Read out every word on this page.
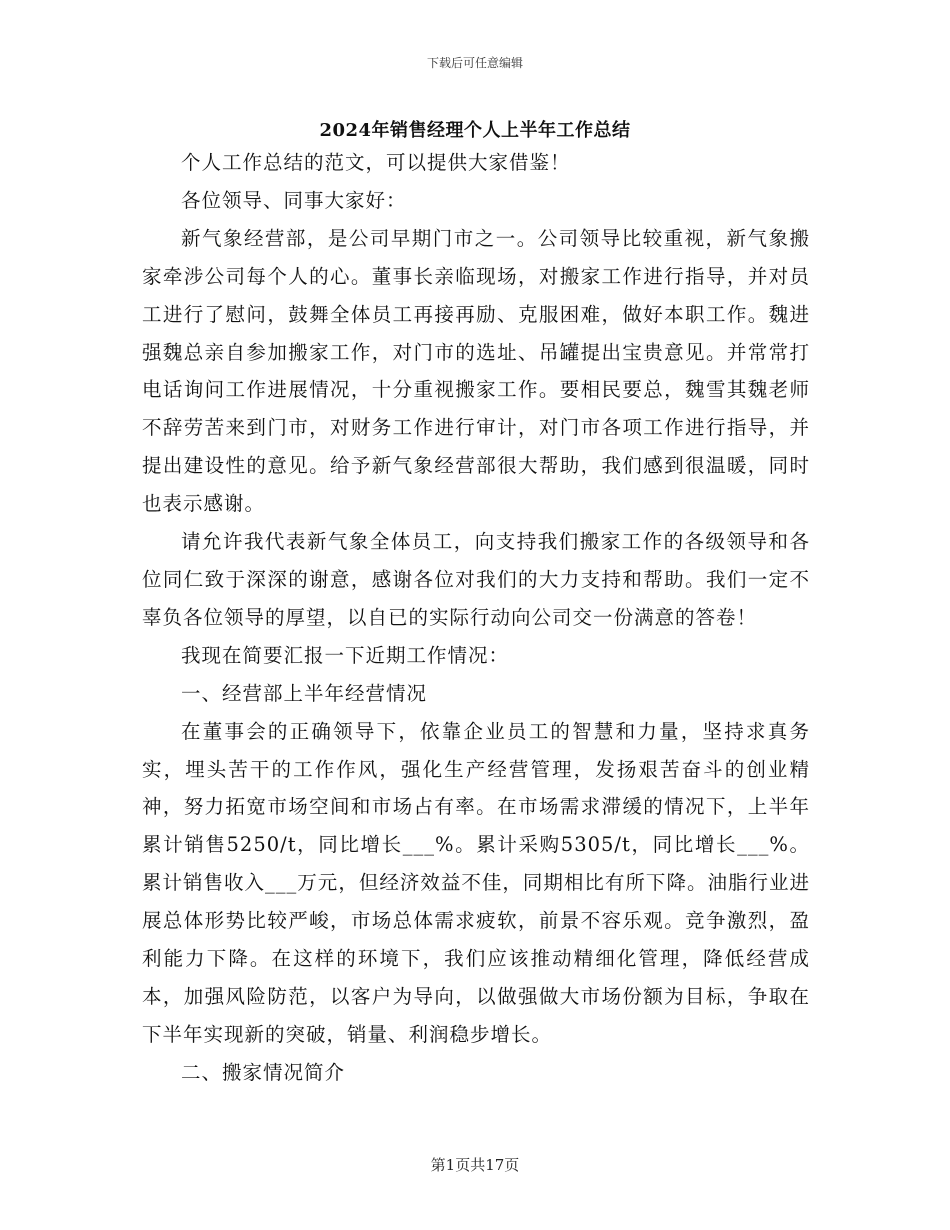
下载后可任意编辑
2024年销售经理个人上半年工作总结

个人工作总结的范文，可以提供大家借鉴！

各位领导、同事大家好：

新气象经营部，是公司早期门市之一。公司领导比较重视，新气象搬家牵涉公司每个人的心。董事长亲临现场，对搬家工作进行指导，并对员工进行了慰问，鼓舞全体员工再接再励、克服困难，做好本职工作。魏进强魏总亲自参加搬家工作，对门市的选址、吊罐提出宝贵意见。并常常打电话询问工作进展情况，十分重视搬家工作。要相民要总，魏雪其魏老师不辞劳苦来到门市，对财务工作进行审计，对门市各项工作进行指导，并提出建设性的意见。给予新气象经营部很大帮助，我们感到很温暖，同时也表示感谢。

请允许我代表新气象全体员工，向支持我们搬家工作的各级领导和各位同仁致于深深的谢意，感谢各位对我们的大力支持和帮助。我们一定不辜负各位领导的厚望，以自已的实际行动向公司交一份满意的答卷！

我现在简要汇报一下近期工作情况：

一、经营部上半年经营情况

在董事会的正确领导下，依靠企业员工的智慧和力量，坚持求真务实，埋头苦干的工作作风，强化生产经营管理，发扬艰苦奋斗的创业精神，努力拓宽市场空间和市场占有率。在市场需求滞缓的情况下，上半年累计销售5250/t，同比增长___%。累计采购5305/t，同比增长___%。累计销售收入___万元，但经济效益不佳，同期相比有所下降。油脂行业进展总体形势比较严峻，市场总体需求疲软，前景不容乐观。竞争激烈，盈利能力下降。在这样的环境下，我们应该推动精细化管理，降低经营成本，加强风险防范，以客户为导向，以做强做大市场份额为目标，争取在下半年实现新的突破，销量、利润稳步增长。

二、搬家情况简介

第1页共17页
